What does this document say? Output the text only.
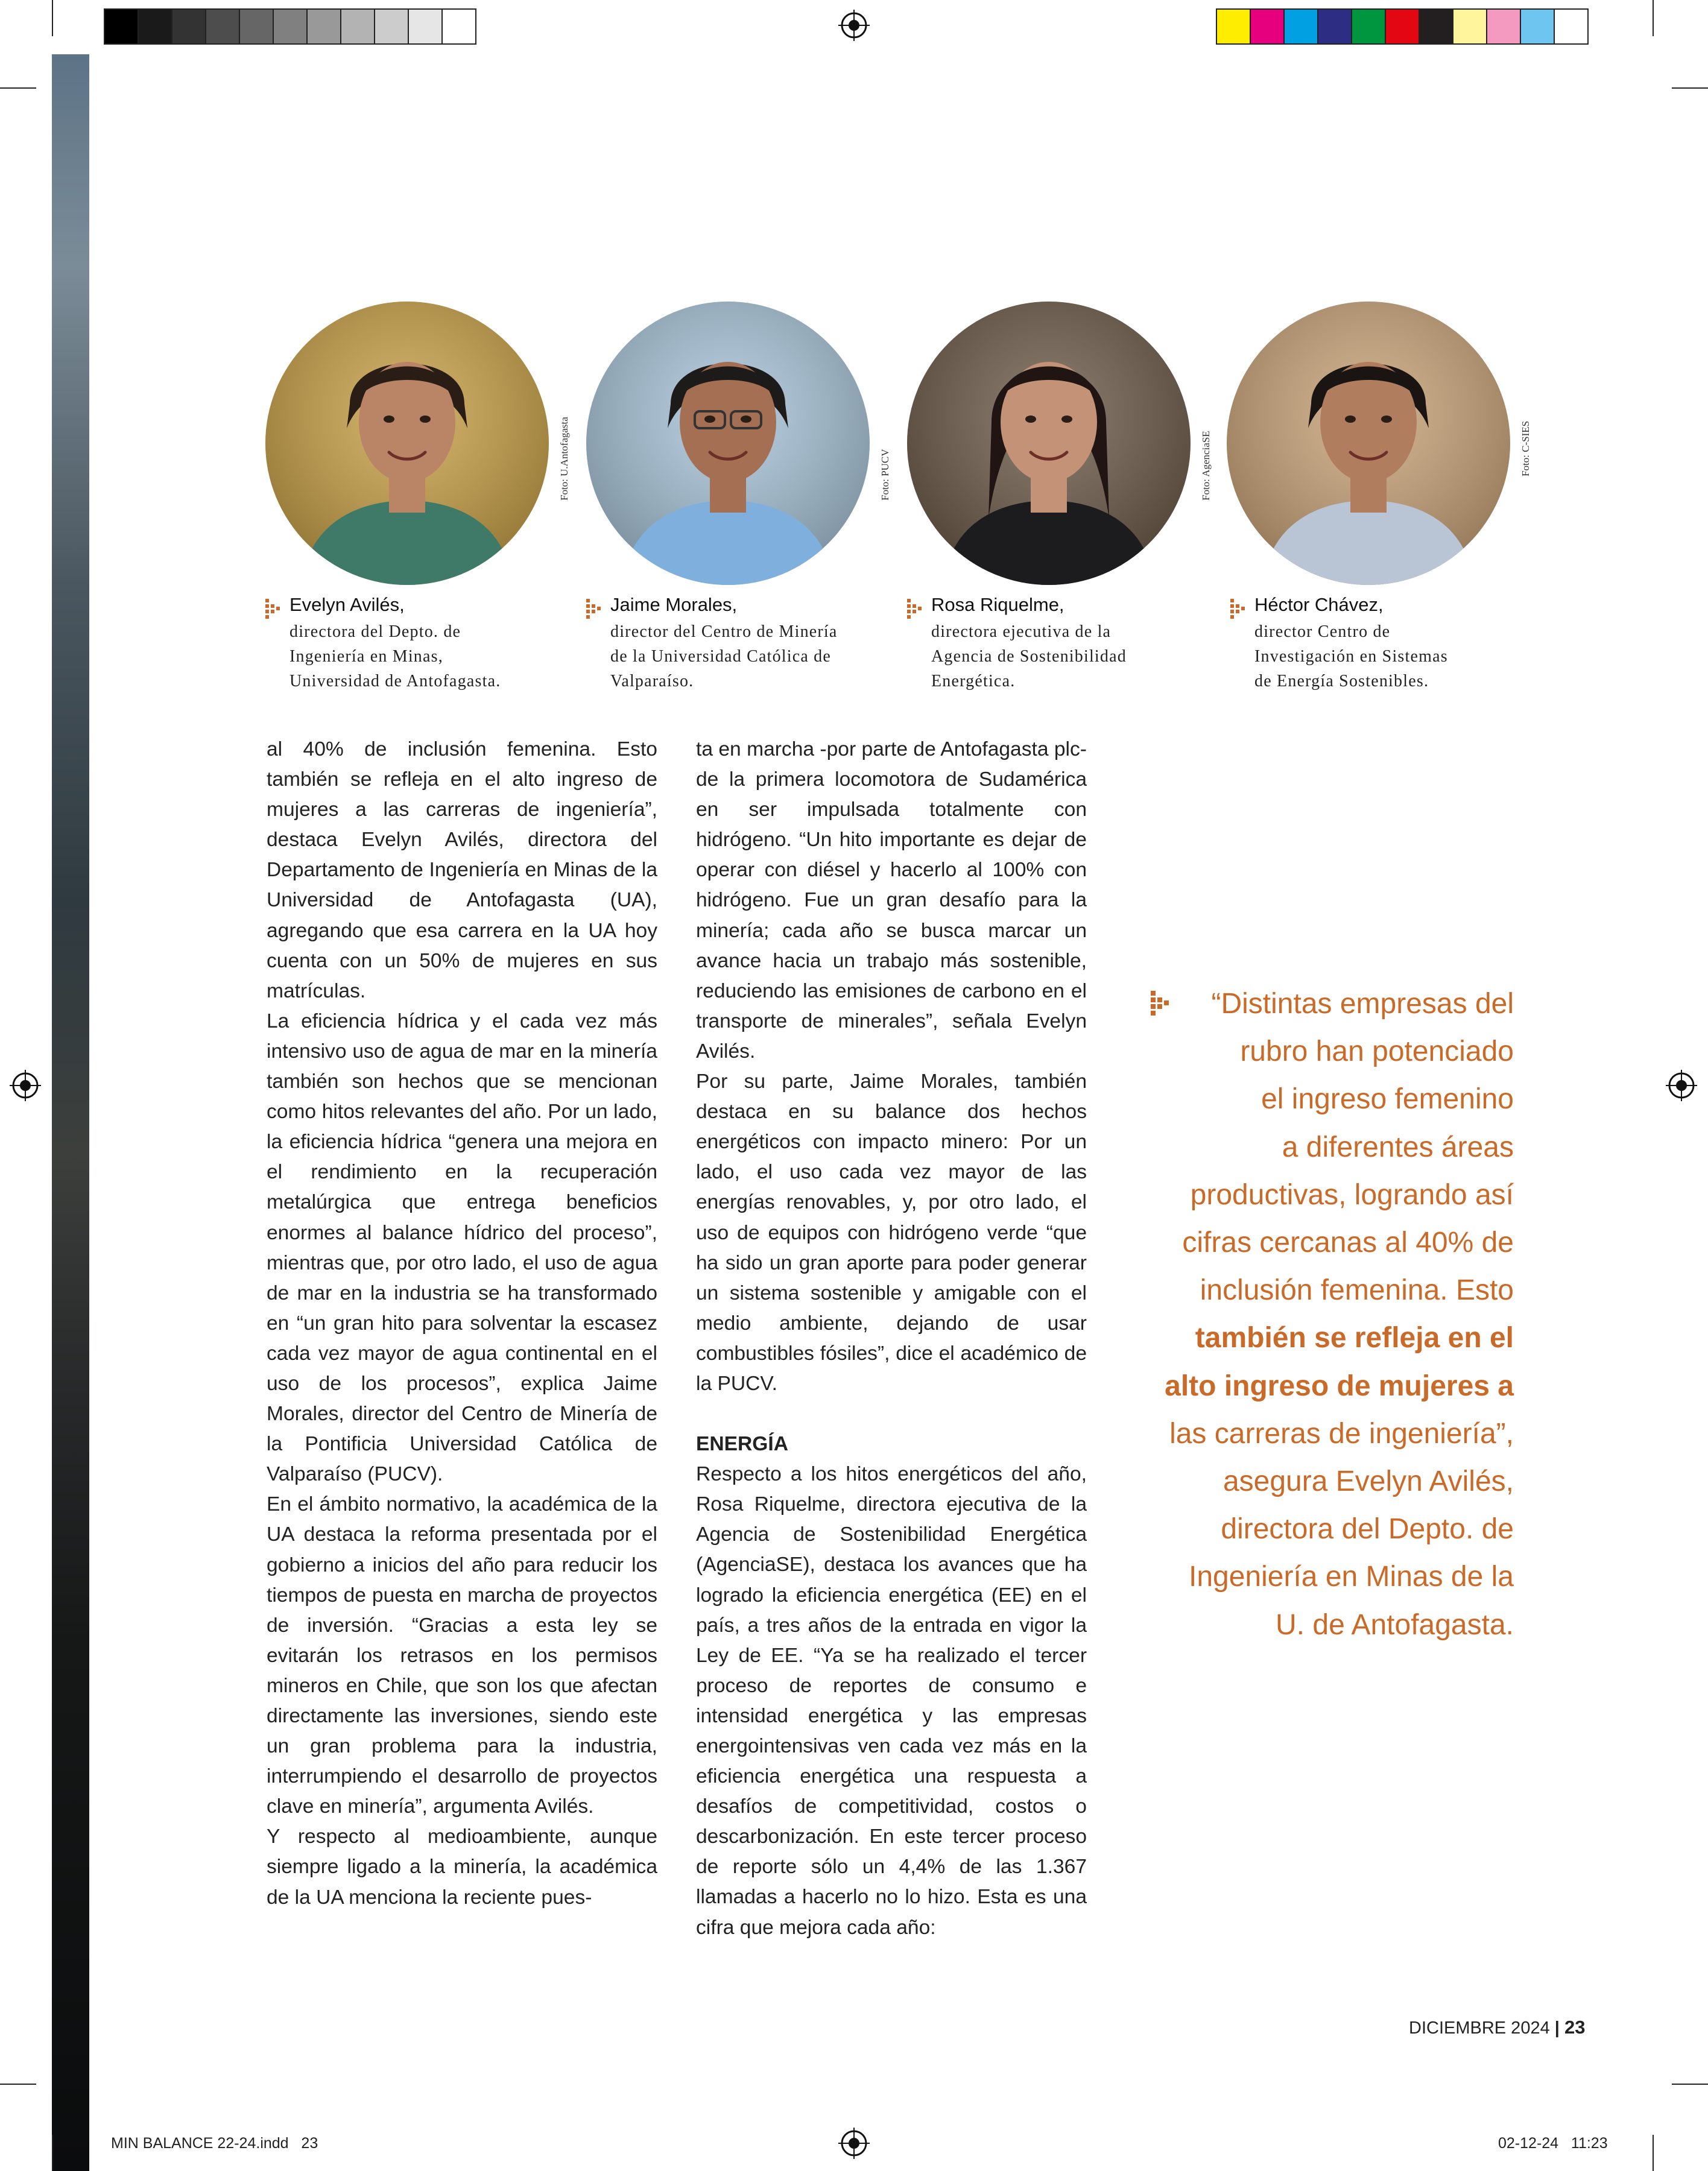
Foto: U.Antofagasta	Foto: PUCV	Foto: AgenciaSE	Foto: C-SIES
Evelyn Avilés,
directora del Depto. de
Ingeniería en Minas,
Universidad de Antofagasta.
Jaime Morales,
director del Centro de Minería
de la Universidad Católica de
Valparaíso.
Rosa Riquelme,
directora ejecutiva de la
Agencia de Sostenibilidad
Energética.
Héctor Chávez,
director Centro de
Investigación en Sistemas
de Energía Sostenibles.

al 40% de inclusión femenina. Esto también se refleja en el alto ingreso de mujeres a las carreras de ingeniería”, destaca Evelyn Avilés, directora del Departamento de Ingeniería en Minas de la Universidad de Antofagasta (UA), agregando que esa carrera en la UA hoy cuenta con un 50% de mujeres en sus matrículas.

La eficiencia hídrica y el cada vez más intensivo uso de agua de mar en la minería también son hechos que se mencionan como hitos relevantes del año. Por un lado, la eficiencia hídrica “genera una mejora en el rendimiento en la recuperación metalúrgica que entrega beneficios enormes al balance hídrico del proceso”, mientras que, por otro lado, el uso de agua de mar en la industria se ha transformado en “un gran hito para solventar la escasez cada vez mayor de agua continental en el uso de los procesos”, explica Jaime Morales, director del Centro de Minería de la Pontificia Universidad Católica de Valparaíso (PUCV).

En el ámbito normativo, la académica de la UA destaca la reforma presentada por el gobierno a inicios del año para reducir los tiempos de puesta en marcha de proyectos de inversión. “Gracias a esta ley se evitarán los retrasos en los permisos mineros en Chile, que son los que afectan directamente las inversiones, siendo este un gran problema para la industria, interrumpiendo el desarrollo de proyectos clave en minería”, argumenta Avilés.

Y respecto al medioambiente, aunque siempre ligado a la minería, la académica de la UA menciona la reciente pues-

ta en marcha -por parte de Antofagasta plc- de la primera locomotora de Sudamérica en ser impulsada totalmente con hidrógeno. “Un hito importante es dejar de operar con diésel y hacerlo al 100% con hidrógeno. Fue un gran desafío para la minería; cada año se busca marcar un avance hacia un trabajo más sostenible, reduciendo las emisiones de carbono en el transporte de minerales”, señala Evelyn Avilés.

Por su parte, Jaime Morales, también destaca en su balance dos hechos energéticos con impacto minero: Por un lado, el uso cada vez mayor de las energías renovables, y, por otro lado, el uso de equipos con hidrógeno verde “que ha sido un gran aporte para poder generar un sistema sostenible y amigable con el medio ambiente, dejando de usar combustibles fósiles”, dice el académico de la PUCV.

ENERGÍA

Respecto a los hitos energéticos del año, Rosa Riquelme, directora ejecutiva de la Agencia de Sostenibilidad Energética (AgenciaSE), destaca los avances que ha logrado la eficiencia energética (EE) en el país, a tres años de la entrada en vigor la Ley de EE. “Ya se ha realizado el tercer proceso de reportes de consumo e intensidad energética y las empresas energointensivas ven cada vez más en la eficiencia energética una respuesta a desafíos de competitividad, costos o descarbonización. En este tercer proceso de reporte sólo un 4,4% de las 1.367 llamadas a hacerlo no lo hizo. Esta es una cifra que mejora cada año:

“Distintas empresas del
rubro han potenciado
el ingreso femenino
a diferentes áreas
productivas, logrando así
cifras cercanas al 40% de
inclusión femenina. Esto
también se refleja en el
alto ingreso de mujeres a
las carreras de ingeniería”,
asegura Evelyn Avilés,
directora del Depto. de
Ingeniería en Minas de la
U. de Antofagasta.
DICIEMBRE 2024 | 23
MIN BALANCE 22-24.indd   23	02-12-24   11:23
